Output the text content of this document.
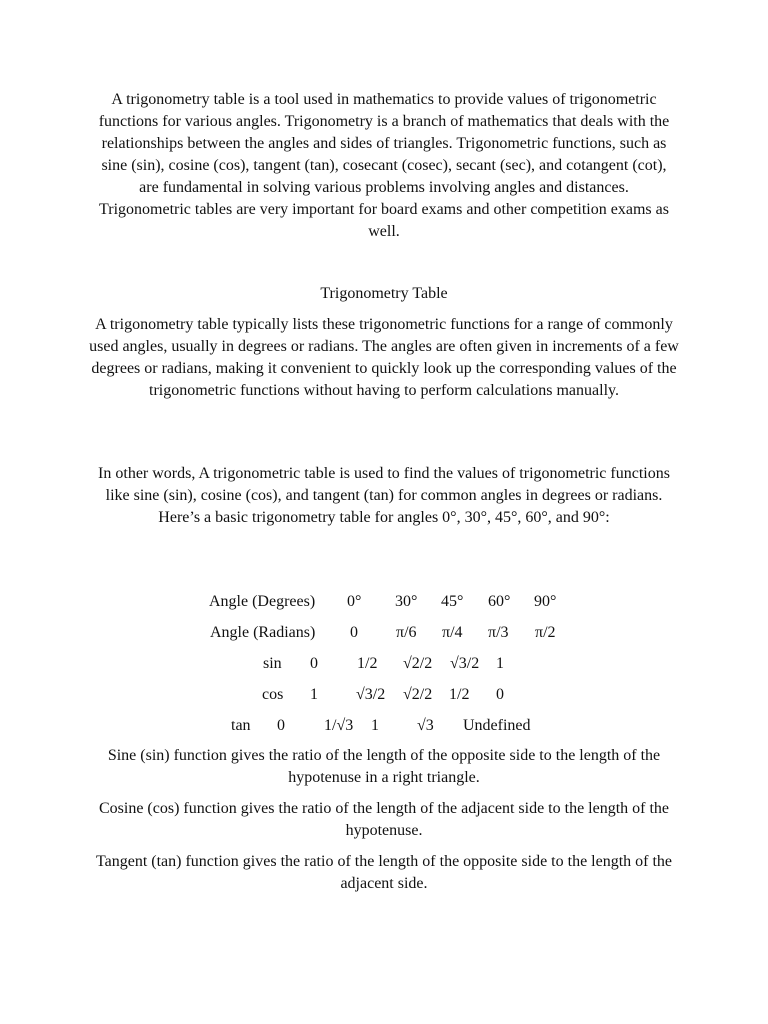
A trigonometry table is a tool used in mathematics to provide values of trigonometric functions for various angles. Trigonometry is a branch of mathematics that deals with the relationships between the angles and sides of triangles. Trigonometric functions, such as sine (sin), cosine (cos), tangent (tan), cosecant (cosec), secant (sec), and cotangent (cot), are fundamental in solving various problems involving angles and distances. Trigonometric tables are very important for board exams and other competition exams as well.

Trigonometry Table

A trigonometry table typically lists these trigonometric functions for a range of commonly used angles, usually in degrees or radians. The angles are often given in increments of a few degrees or radians, making it convenient to quickly look up the corresponding values of the trigonometric functions without having to perform calculations manually.

In other words, A trigonometric table is used to find the values of trigonometric functions like sine (sin), cosine (cos), and tangent (tan) for common angles in degrees or radians. Here’s a basic trigonometry table for angles 0°, 30°, 45°, 60°, and 90°:

Angle (Degrees) 0° 30° 45° 60° 90°
Angle (Radians) 0 π/6 π/4 π/3 π/2
sin 0 1/2 √2/2 √3/2 1
cos 1 √3/2 √2/2 1/2 0
tan 0 1/√3 1 √3 Undefined

Sine (sin) function gives the ratio of the length of the opposite side to the length of the hypotenuse in a right triangle.

Cosine (cos) function gives the ratio of the length of the adjacent side to the length of the hypotenuse.

Tangent (tan) function gives the ratio of the length of the opposite side to the length of the adjacent side.
